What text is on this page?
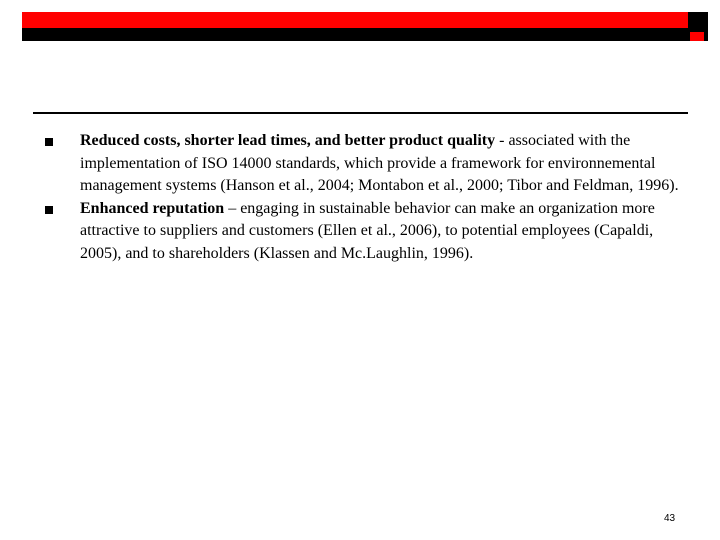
Reduced costs, shorter lead times, and better product quality - associated with the implementation of ISO 14000 standards, which provide a framework for environnemental management systems (Hanson et al., 2004; Montabon et al., 2000; Tibor and Feldman, 1996).
Enhanced reputation – engaging in sustainable behavior can make an organization more attractive to suppliers and customers (Ellen et al., 2006), to potential employees (Capaldi, 2005), and to shareholders (Klassen and Mc.Laughlin, 1996).
43
